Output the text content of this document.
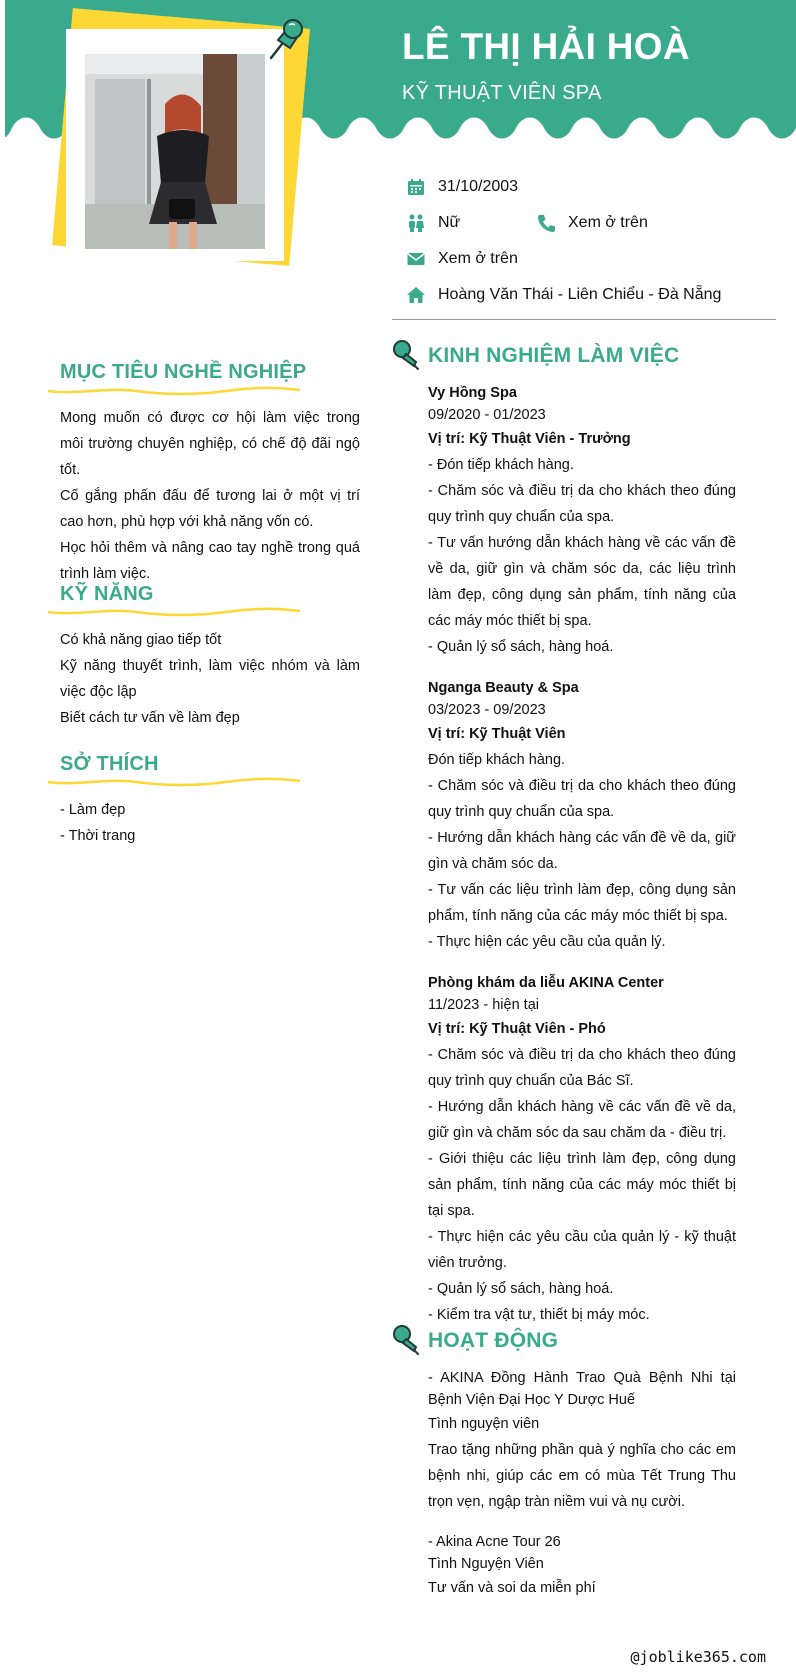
LÊ THỊ HẢI HOÀ
KỸ THUẬT VIÊN SPA
31/10/2003
Nữ	Xem ở trên
Xem ở trên
Hoàng Văn Thái - Liên Chiểu - Đà Nẵng
MỤC TIÊU NGHỀ NGHIỆP

Mong muốn có được cơ hội làm việc trong môi trường chuyên nghiệp, có chế độ đãi ngộ tốt.

Cố gắng phấn đấu để tương lai ở một vị trí cao hơn, phù hợp với khả năng vốn có.

Học hỏi thêm và nâng cao tay nghề trong quá trình làm việc.

KỸ NĂNG

Có khả năng giao tiếp tốt

Kỹ năng thuyết trình, làm việc nhóm và làm việc độc lập

Biết cách tư vấn về làm đẹp

SỞ THÍCH

- Làm đẹp

- Thời trang

KINH NGHIỆM LÀM VIỆC
Vy Hồng Spa
09/2020 - 01/2023
Vị trí: Kỹ Thuật Viên - Trưởng

- Đón tiếp khách hàng.

- Chăm sóc và điều trị da cho khách theo đúng quy trình quy chuẩn của spa.

- Tư vấn hướng dẫn khách hàng về các vấn đề về da, giữ gìn và chăm sóc da, các liệu trình làm đẹp, công dụng sản phẩm, tính năng của các máy móc thiết bị spa.

- Quản lý sổ sách, hàng hoá.

Nganga Beauty & Spa
03/2023 - 09/2023
Vị trí: Kỹ Thuật Viên

Đón tiếp khách hàng.

- Chăm sóc và điều trị da cho khách theo đúng quy trình quy chuẩn của spa.

- Hướng dẫn khách hàng các vấn đề về da, giữ gìn và chăm sóc da.

- Tư vấn các liệu trình làm đẹp, công dụng sản phẩm, tính năng của các máy móc thiết bị spa.

- Thực hiện các yêu cầu của quản lý.

Phòng khám da liễu AKINA Center
11/2023 - hiện tại
Vị trí: Kỹ Thuật Viên - Phó

- Chăm sóc và điều trị da cho khách theo đúng quy trình quy chuẩn của Bác Sĩ.

- Hướng dẫn khách hàng về các vấn đề về da, giữ gìn và chăm sóc da sau chăm da - điều trị.

- Giới thiệu các liệu trình làm đẹp, công dụng sản phẩm, tính năng của các máy móc thiết bị tại spa.

- Thực hiện các yêu cầu của quản lý - kỹ thuật viên trưởng.

- Quản lý sổ sách, hàng hoá.

- Kiểm tra vật tư, thiết bị máy móc.

HOẠT ĐỘNG

- AKINA Đồng Hành Trao Quà Bệnh Nhi tại Bệnh Viện Đại Học Y Dược Huế

Tình nguyện viên

Trao tặng những phần quà ý nghĩa cho các em bệnh nhi, giúp các em có mùa Tết Trung Thu trọn vẹn, ngập tràn niềm vui và nụ cười.

- Akina Acne Tour 26

Tình Nguyện Viên

Tư vấn và soi da miễn phí

@joblike365.com
